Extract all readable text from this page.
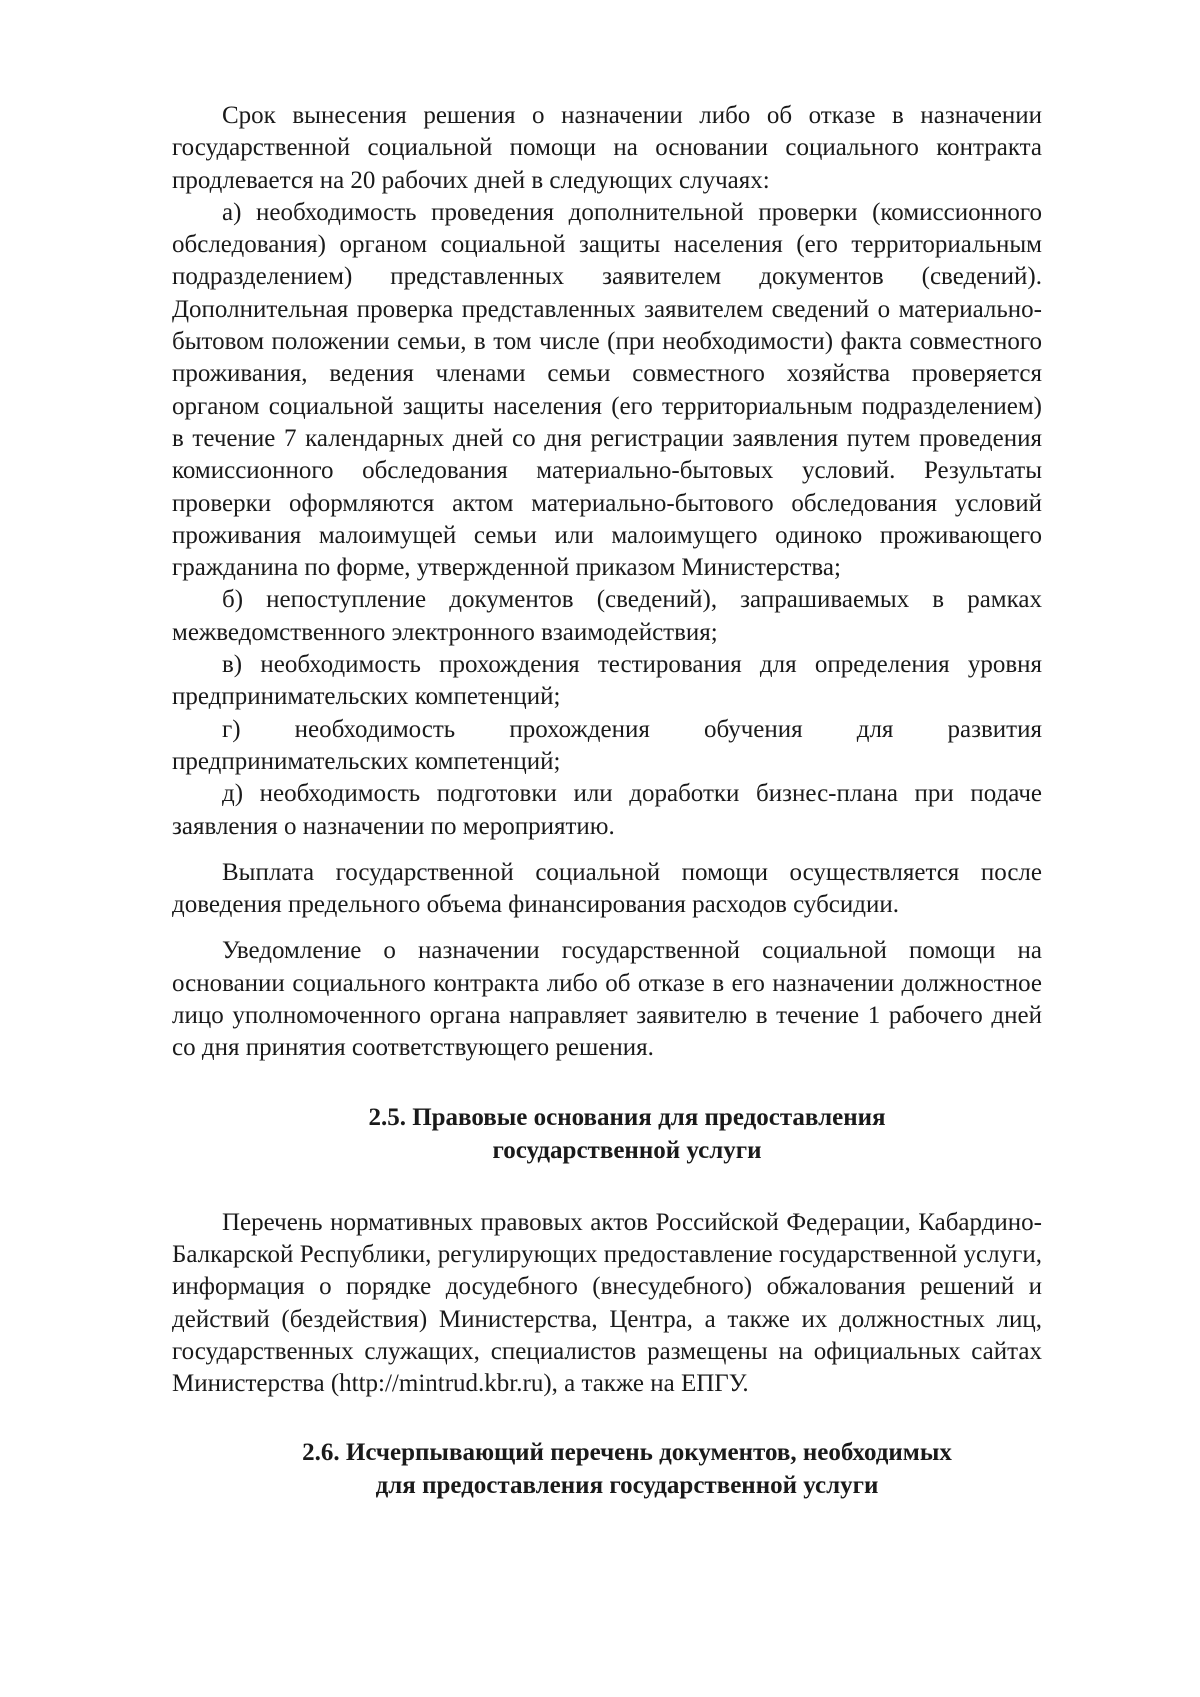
Срок вынесения решения о назначении либо об отказе в назначении государственной социальной помощи на основании социального контракта продлевается на 20 рабочих дней в следующих случаях:

а) необходимость проведения дополнительной проверки (комиссионного обследования) органом социальной защиты населения (его территориальным подразделением) представленных заявителем документов (сведений). Дополнительная проверка представленных заявителем сведений о материально-бытовом положении семьи, в том числе (при необходимости) факта совместного проживания, ведения членами семьи совместного хозяйства проверяется органом социальной защиты населения (его территориальным подразделением) в течение 7 календарных дней со дня регистрации заявления путем проведения комиссионного обследования материально-бытовых условий. Результаты проверки оформляются актом материально-бытового обследования условий проживания малоимущей семьи или малоимущего одиноко проживающего гражданина по форме, утвержденной приказом Министерства;

б) непоступление документов (сведений), запрашиваемых в рамках межведомственного электронного взаимодействия;

в) необходимость прохождения тестирования для определения уровня предпринимательских компетенций;

г) необходимость прохождения обучения для развития предпринимательских компетенций;

д) необходимость подготовки или доработки бизнес-плана при подаче заявления о назначении по мероприятию.

Выплата государственной социальной помощи осуществляется после доведения предельного объема финансирования расходов субсидии.

Уведомление о назначении государственной социальной помощи на основании социального контракта либо об отказе в его назначении должностное лицо уполномоченного органа направляет заявителю в течение 1 рабочего дней со дня принятия соответствующего решения.

2.5. Правовые основания для предоставления
государственной услуги

Перечень нормативных правовых актов Российской Федерации, Кабардино-Балкарской Республики, регулирующих предоставление государственной услуги, информация о порядке досудебного (внесудебного) обжалования решений и действий (бездействия) Министерства, Центра, а также их должностных лиц, государственных служащих, специалистов размещены на официальных сайтах Министерства (http://mintrud.kbr.ru), а также на ЕПГУ.

2.6. Исчерпывающий перечень документов, необходимых
для предоставления государственной услуги
